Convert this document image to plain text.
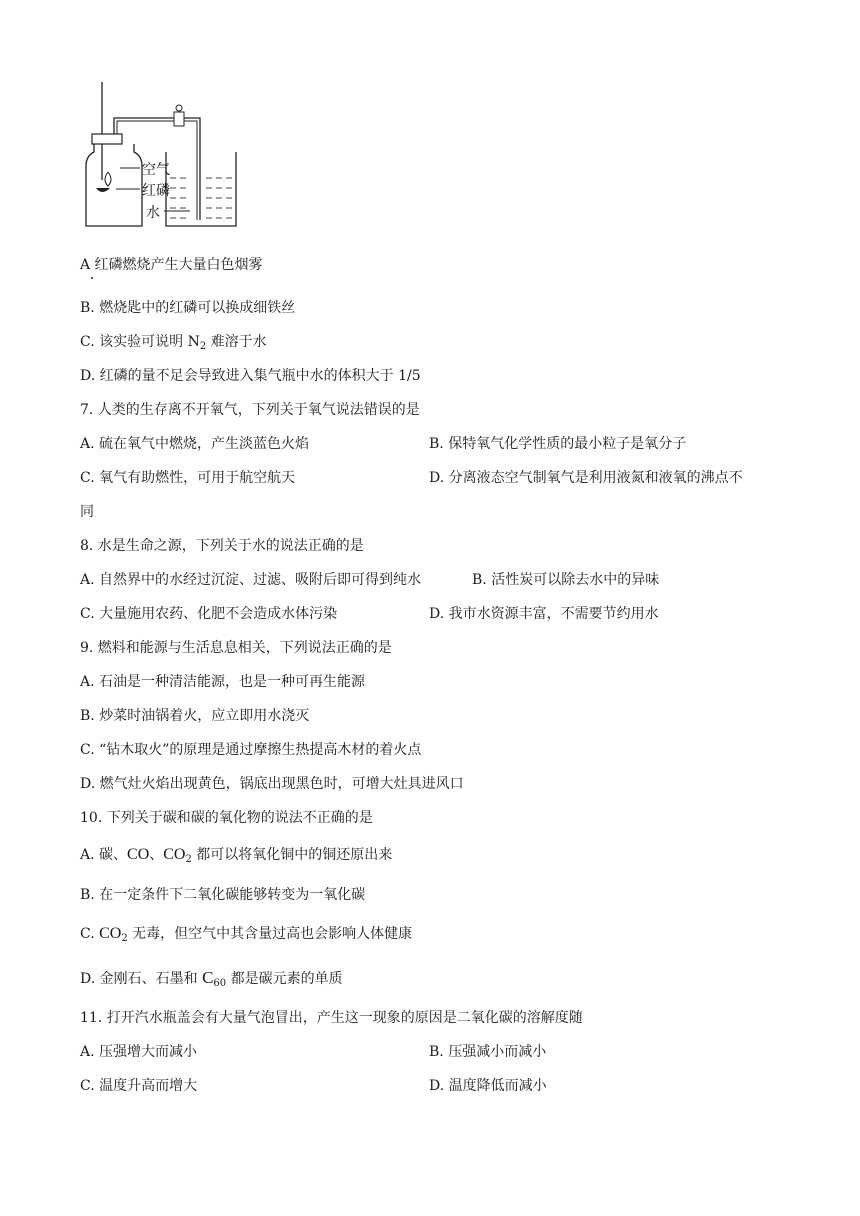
空气
红磷
水
A 红磷燃烧产生大量白色烟雾
B. 燃烧匙中的红磷可以换成细铁丝
C. 该实验可说明 $N_2$ 难溶于水
D. 红磷的量不足会导致进入集气瓶中水的体积大于 1/5
7. 人类的生存离不开氧气，下列关于氧气说法错误的是
A. 硫在氧气中燃烧，产生淡蓝色火焰	B. 保特氧气化学性质的最小粒子是氧分子
C. 氧气有助燃性，可用于航空航天	D. 分离液态空气制氧气是利用液氮和液氧的沸点不
同
8. 水是生命之源，下列关于水的说法正确的是
A. 自然界中的水经过沉淀、过滤、吸附后即可得到纯水	B. 活性炭可以除去水中的异味
C. 大量施用农药、化肥不会造成水体污染	D. 我市水资源丰富，不需要节约用水
9. 燃料和能源与生活息息相关，下列说法正确的是
A. 石油是一种清洁能源，也是一种可再生能源
B. 炒菜时油锅着火，应立即用水浇灭
C. “钻木取火”的原理是通过摩擦生热提高木材的着火点
D. 燃气灶火焰出现黄色，锅底出现黑色时，可增大灶具进风口
10. 下列关于碳和碳的氧化物的说法不正确的是
A. 碳、CO、$CO_2$ 都可以将氧化铜中的铜还原出来
B. 在一定条件下二氧化碳能够转变为一氧化碳
C. $CO_2$ 无毒，但空气中其含量过高也会影响人体健康
D. 金刚石、石墨和 $C_{60}$ 都是碳元素的单质
11. 打开汽水瓶盖会有大量气泡冒出，产生这一现象的原因是二氧化碳的溶解度随
A. 压强增大而减小	B. 压强减小而减小
C. 温度升高而增大	D. 温度降低而减小
